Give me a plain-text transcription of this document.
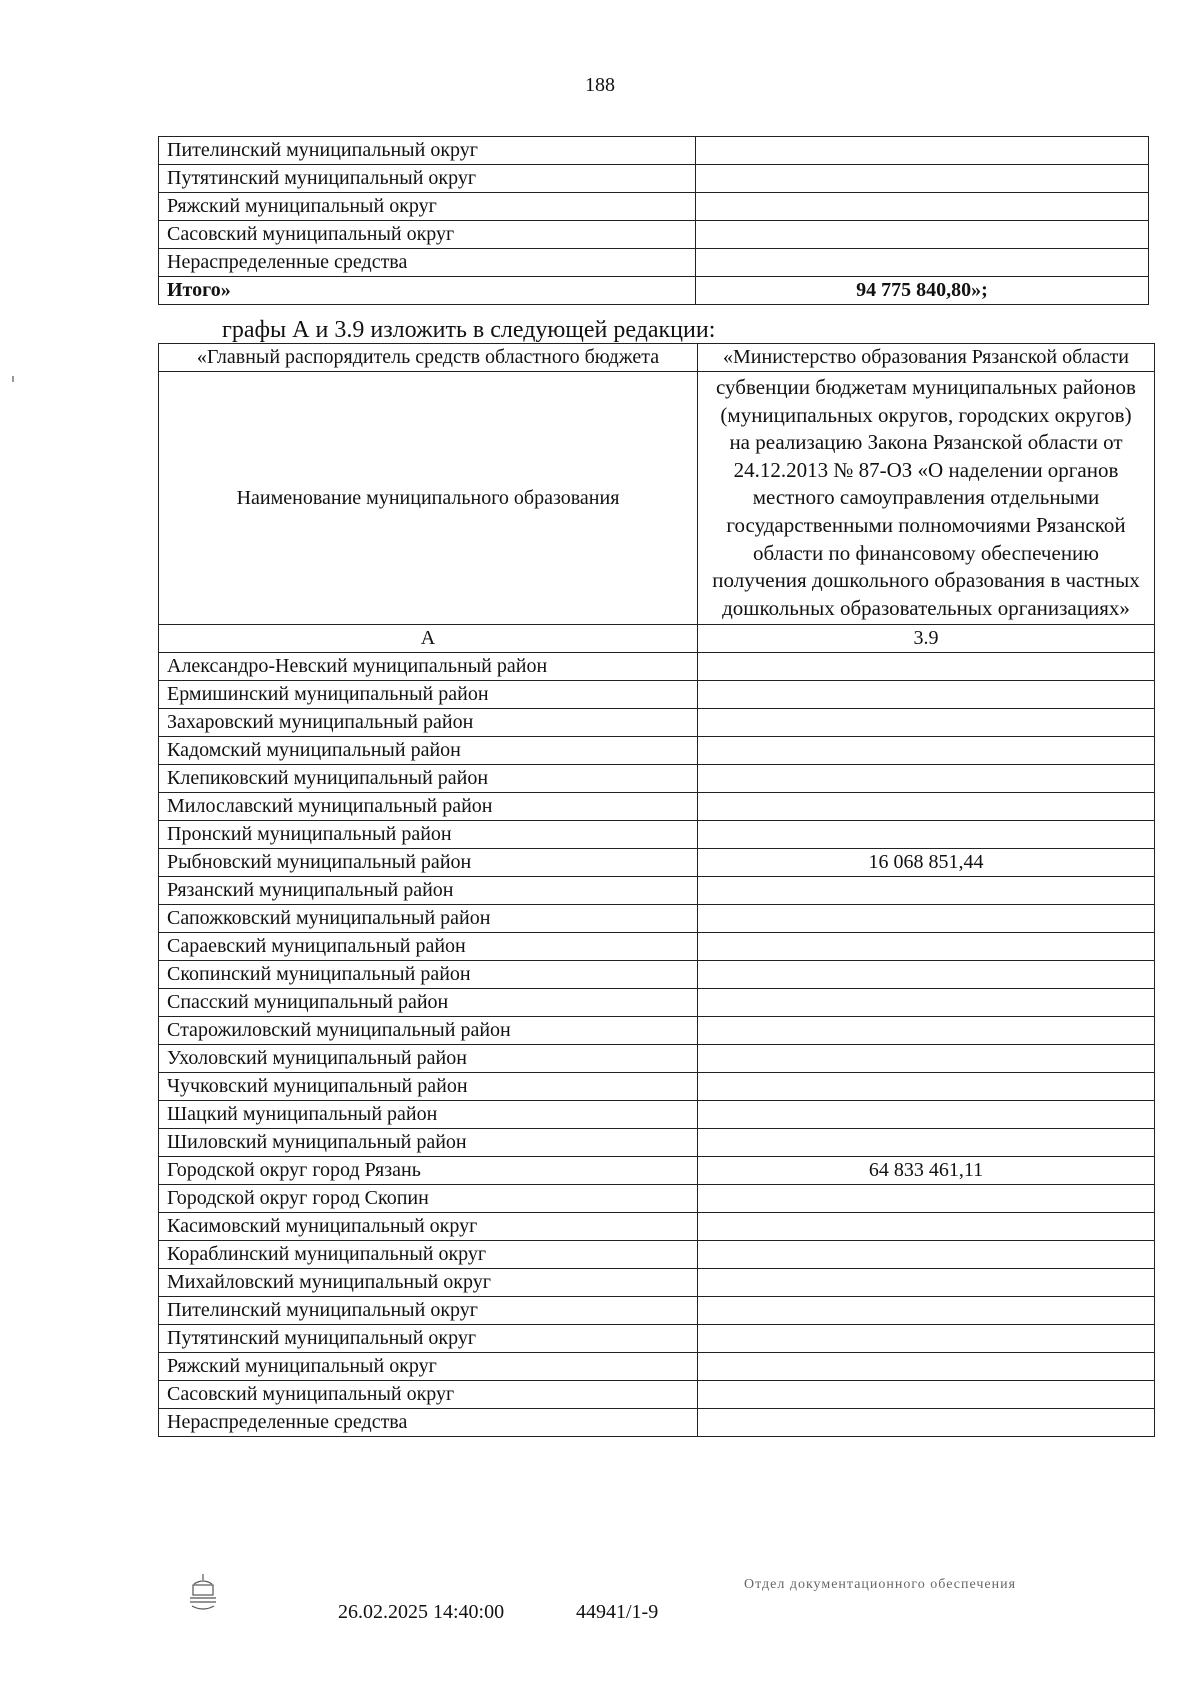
188
Пителинский муниципальный округ	
Путятинский муниципальный округ	
Ряжский муниципальный округ	
Сасовский муниципальный округ	
Нераспределенные средства	
Итого»	94 775 840,80»;
графы А и 3.9 изложить в следующей редакции:
«Главный распорядитель средств областного бюджета	«Министерство образования Рязанской области
Наименование муниципального образования	субвенции бюджетам муниципальных районов (муниципальных округов, городских округов) на реализацию Закона Рязанской области от 24.12.2013 № 87-ОЗ «О наделении органов местного самоуправления отдельными государственными полномочиями Рязанской области по финансовому обеспечению получения дошкольного образования в частных дошкольных образовательных организациях»
А	3.9
Александро-Невский муниципальный район	
Ермишинский муниципальный район	
Захаровский муниципальный район	
Кадомский муниципальный район	
Клепиковский муниципальный район	
Милославский муниципальный район	
Пронский муниципальный район	
Рыбновский муниципальный район	16 068 851,44
Рязанский муниципальный район	
Сапожковский муниципальный район	
Сараевский муниципальный район	
Скопинский муниципальный район	
Спасский муниципальный район	
Старожиловский муниципальный район	
Ухоловский муниципальный район	
Чучковский муниципальный район	
Шацкий муниципальный район	
Шиловский муниципальный район	
Городской округ город Рязань	64 833 461,11
Городской округ город Скопин	
Касимовский муниципальный округ	
Кораблинский муниципальный округ	
Михайловский муниципальный округ	
Пителинский муниципальный округ	
Путятинский муниципальный округ	
Ряжский муниципальный округ	
Сасовский муниципальный округ	
Нераспределенные средства	
26.02.2025 14:40:00	44941/1-9
Отдел документационного обеспечения
